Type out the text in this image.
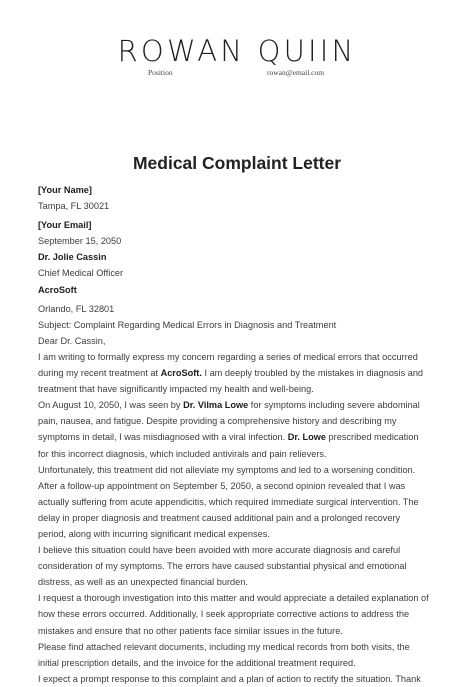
ROWAN QUIIN
Position	rowan@email.com
Medical Complaint Letter
[Your Name]
Tampa, FL 30021
[Your Email]
September 15, 2050
Dr. Jolie Cassin
Chief Medical Officer
AcroSoft
Orlando, FL 32801
Subject: Complaint Regarding Medical Errors in Diagnosis and Treatment
Dear Dr. Cassin,
I am writing to formally express my concern regarding a series of medical errors that occurred
during my recent treatment at AcroSoft. I am deeply troubled by the mistakes in diagnosis and
treatment that have significantly impacted my health and well-being.
On August 10, 2050, I was seen by Dr. Vilma Lowe for symptoms including severe abdominal
pain, nausea, and fatigue. Despite providing a comprehensive history and describing my
symptoms in detail, I was misdiagnosed with a viral infection. Dr. Lowe prescribed medication
for this incorrect diagnosis, which included antivirals and pain relievers.
Unfortunately, this treatment did not alleviate my symptoms and led to a worsening condition.
After a follow-up appointment on September 5, 2050, a second opinion revealed that I was
actually suffering from acute appendicitis, which required immediate surgical intervention. The
delay in proper diagnosis and treatment caused additional pain and a prolonged recovery
period, along with incurring significant medical expenses.
I believe this situation could have been avoided with more accurate diagnosis and careful
consideration of my symptoms. The errors have caused substantial physical and emotional
distress, as well as an unexpected financial burden.
I request a thorough investigation into this matter and would appreciate a detailed explanation of
how these errors occurred. Additionally, I seek appropriate corrective actions to address the
mistakes and ensure that no other patients face similar issues in the future.
Please find attached relevant documents, including my medical records from both visits, the
initial prescription details, and the invoice for the additional treatment required.
I expect a prompt response to this complaint and a plan of action to rectify the situation. Thank
